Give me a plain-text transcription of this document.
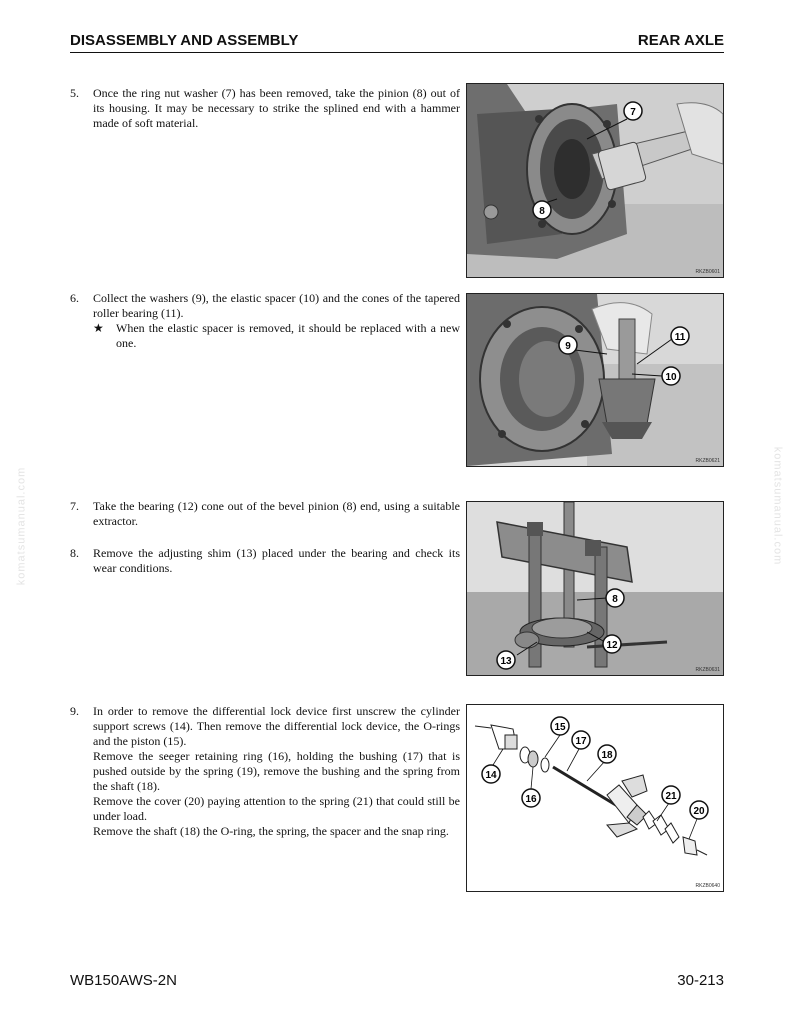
komatsumanual.com	komatsumanual.com
DISASSEMBLY AND ASSEMBLY	REAR AXLE
5. Once the ring nut washer (7) has been removed, take the pinion (8) out of its housing. It may be necessary to strike the splined end with a hammer made of soft material.
6. Collect the washers (9), the elastic spacer (10) and the cones of the tapered roller bearing (11).
★	When the elastic spacer is removed, it should be replaced with a new one.
7. Take the bearing (12) cone out of the bevel pinion (8) end, using a suitable extractor.
8. Remove the adjusting shim (13) placed under the bearing and check its wear conditions.
9. In order to remove the differential lock device first unscrew the cylinder support screws (14). Then remove the differential lock device, the O-rings and the piston (15).
Remove the seeger retaining ring (16), holding the bushing (17) that is pushed outside by the spring (19), remove the bushing and the spring from the shaft (18).
Remove the cover (20) paying attention to the spring (21) that could still be under load.
Remove the shaft (18) the O-ring, the spring, the spacer and the snap ring.
7
8
RKZB0601
9
11
10
RKZB0621
8
12
13
RKZB0631
15
17
18
14
16	21
20
RKZB0640
WB150AWS-2N	30-213
